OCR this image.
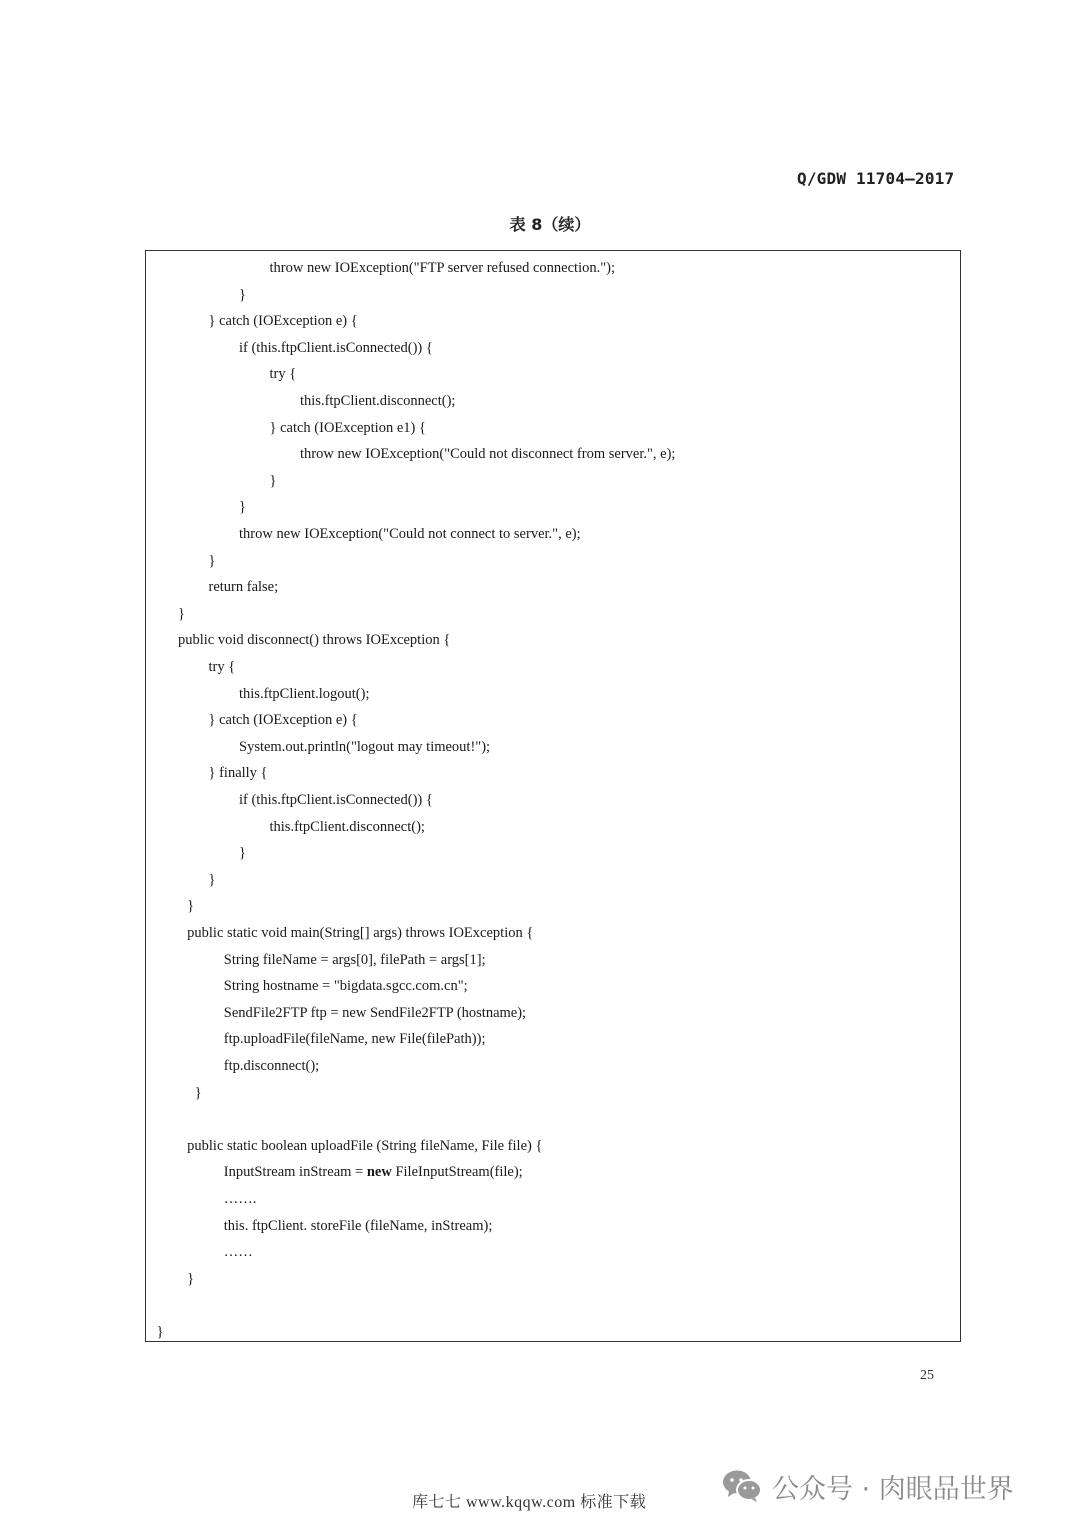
Q/GDW 11704—2017
表 8（续）
throw new IOException("FTP server refused connection.");
}
} catch (IOException e) {
if (this.ftpClient.isConnected()) {
try {
this.ftpClient.disconnect();
} catch (IOException e1) {
throw new IOException("Could not disconnect from server.", e);
}
}
throw new IOException("Could not connect to server.", e);
}
return false;
}
public void disconnect() throws IOException {
try {
this.ftpClient.logout();
} catch (IOException e) {
System.out.println("logout may timeout!");
} finally {
if (this.ftpClient.isConnected()) {
this.ftpClient.disconnect();
}
}
}
public static void main(String[] args) throws IOException {
String fileName = args[0], filePath = args[1];
String hostname = "bigdata.sgcc.com.cn";
SendFile2FTP ftp = new SendFile2FTP (hostname);
ftp.uploadFile(fileName, new File(filePath));
ftp.disconnect();
}
public static boolean uploadFile (String fileName, File file) {
InputStream inStream = new FileInputStream(file);
…….
this. ftpClient. storeFile (fileName, inStream);
……
}
}
25
库七七 www.kqqw.com 标准下载	公众号 · 肉眼品世界
